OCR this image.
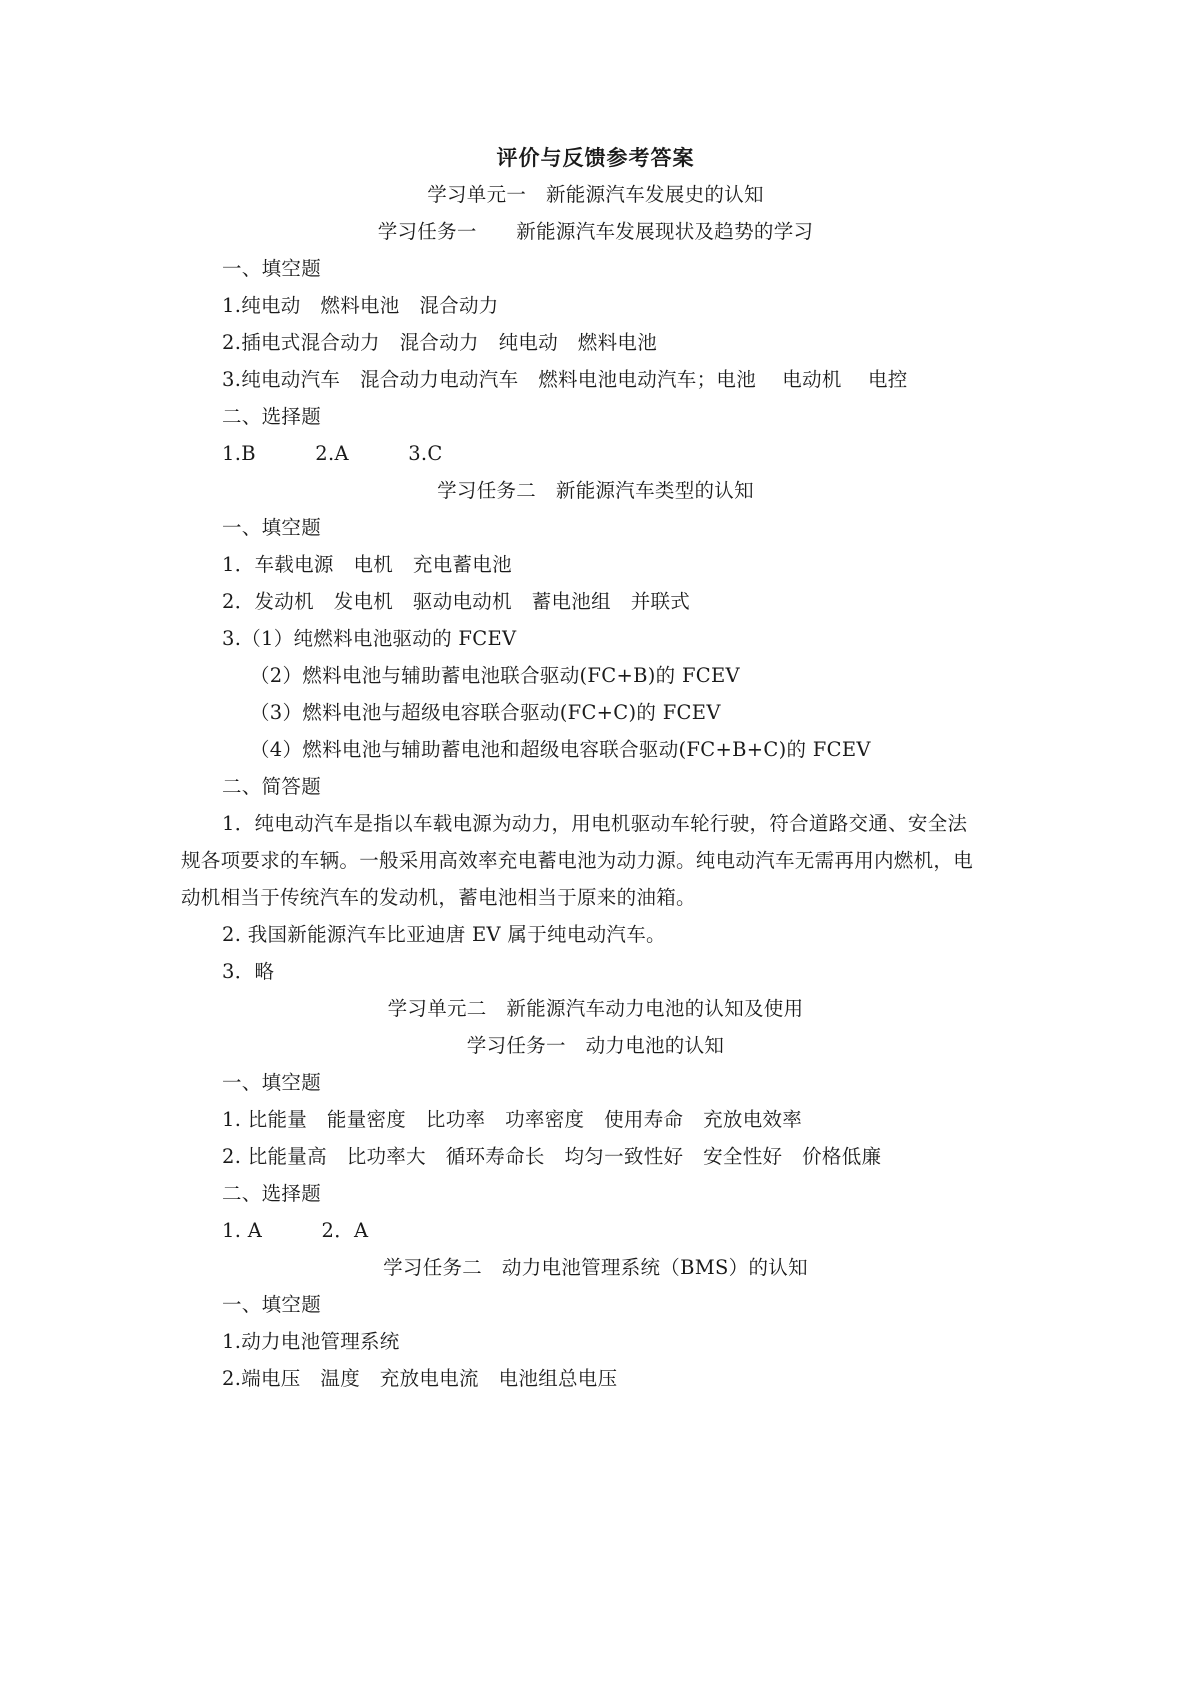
评价与反馈参考答案
学习单元一　新能源汽车发展史的认知
学习任务一　　新能源汽车发展现状及趋势的学习
一、填空题
1.纯电动　燃料电池　混合动力
2.插电式混合动力　混合动力　纯电动　燃料电池
3.纯电动汽车　混合动力电动汽车　燃料电池电动汽车；电池　 电动机　 电控
二、选择题
1.B　　　2.A　　　3.C
学习任务二　新能源汽车类型的认知
一、填空题
1．车载电源　电机　充电蓄电池
2．发动机　发电机　驱动电动机　蓄电池组　并联式
3.（1）纯燃料电池驱动的 FCEV
（2）燃料电池与辅助蓄电池联合驱动(FC+B)的 FCEV
（3）燃料电池与超级电容联合驱动(FC+C)的 FCEV
（4）燃料电池与辅助蓄电池和超级电容联合驱动(FC+B+C)的 FCEV
二、简答题
1．纯电动汽车是指以车载电源为动力，用电机驱动车轮行驶，符合道路交通、安全法
规各项要求的车辆。一般采用高效率充电蓄电池为动力源。纯电动汽车无需再用内燃机，电
动机相当于传统汽车的发动机，蓄电池相当于原来的油箱。
2. 我国新能源汽车比亚迪唐 EV 属于纯电动汽车。
3．略
学习单元二　新能源汽车动力电池的认知及使用
学习任务一　动力电池的认知
一、填空题
1. 比能量　能量密度　比功率　功率密度　使用寿命　充放电效率
2. 比能量高　比功率大　循环寿命长　均匀一致性好　安全性好　价格低廉
二、选择题
1. A　　　2．A
学习任务二　动力电池管理系统（BMS）的认知
一、填空题
1.动力电池管理系统
2.端电压　温度　充放电电流　电池组总电压
